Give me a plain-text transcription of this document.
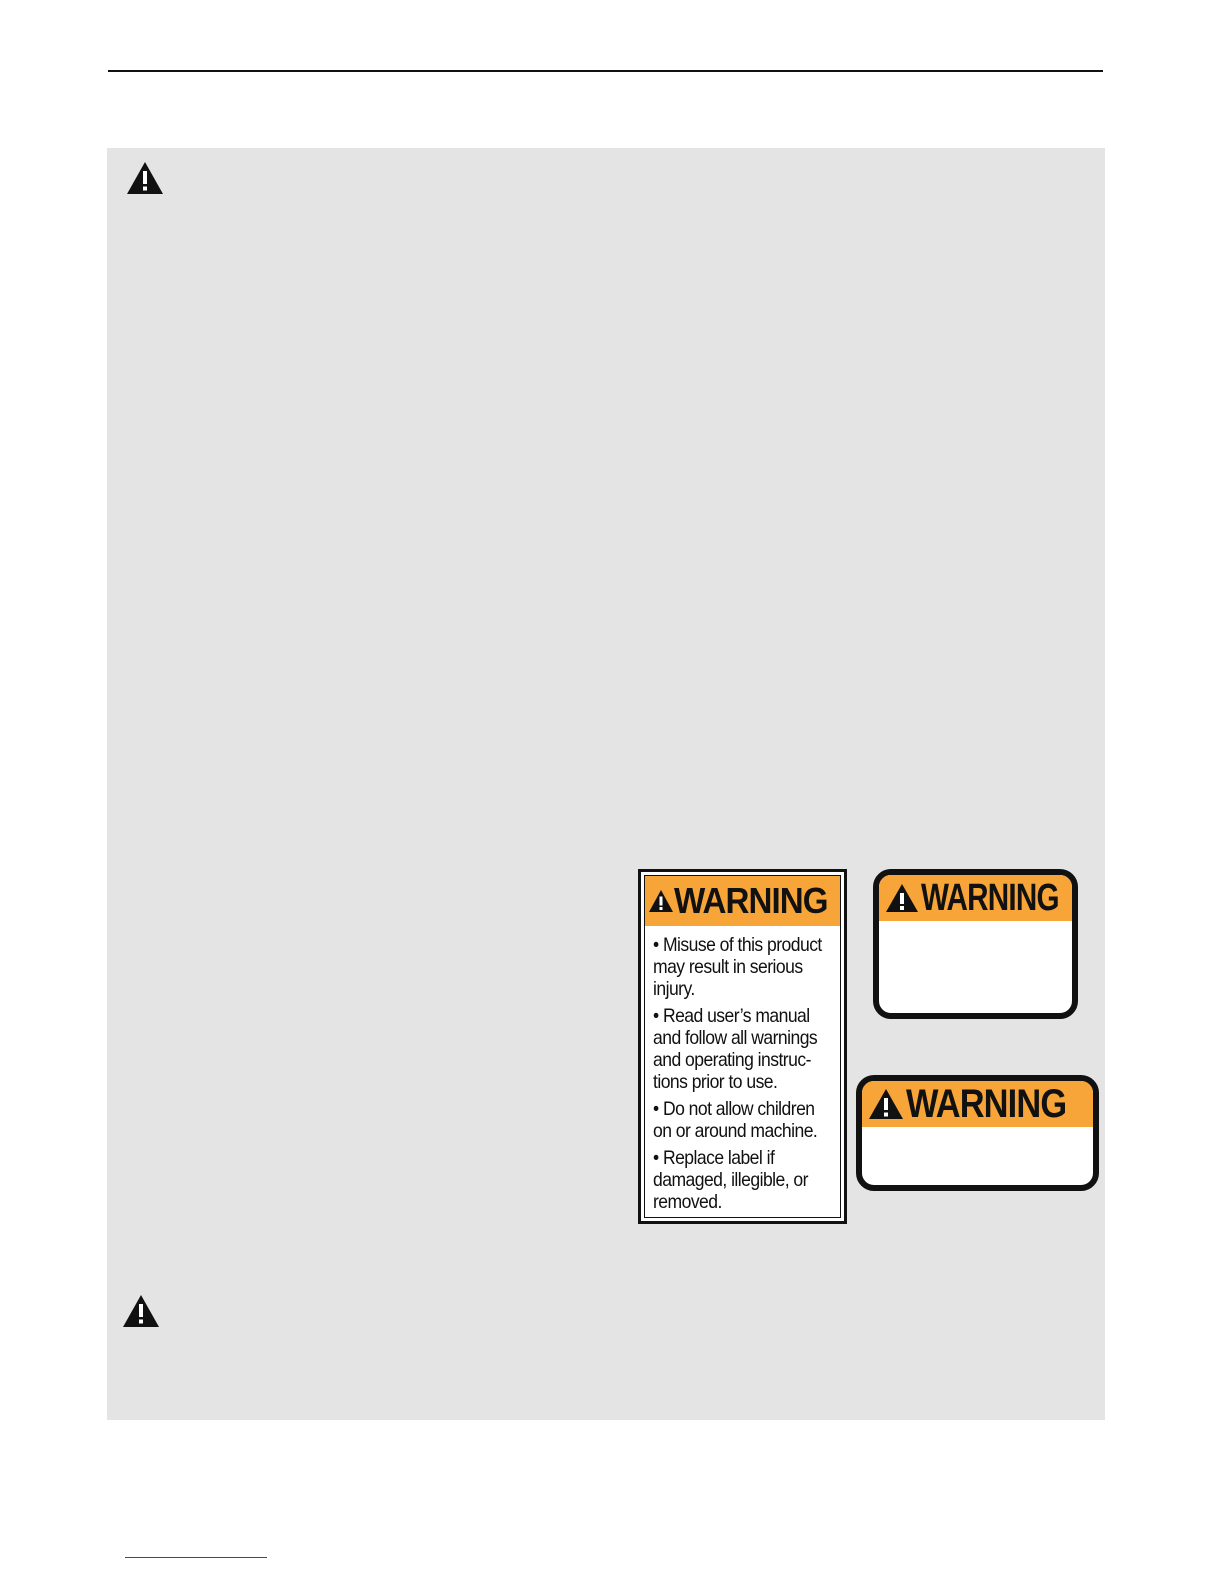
WARNING
• Misuse of this product
may result in serious
injury.
• Read user’s manual
and follow all warnings
and operating instruc-
tions prior to use.
• Do not allow children
on or around machine.
• Replace label if
damaged, illegible, or
removed.
WARNING
WARNING
